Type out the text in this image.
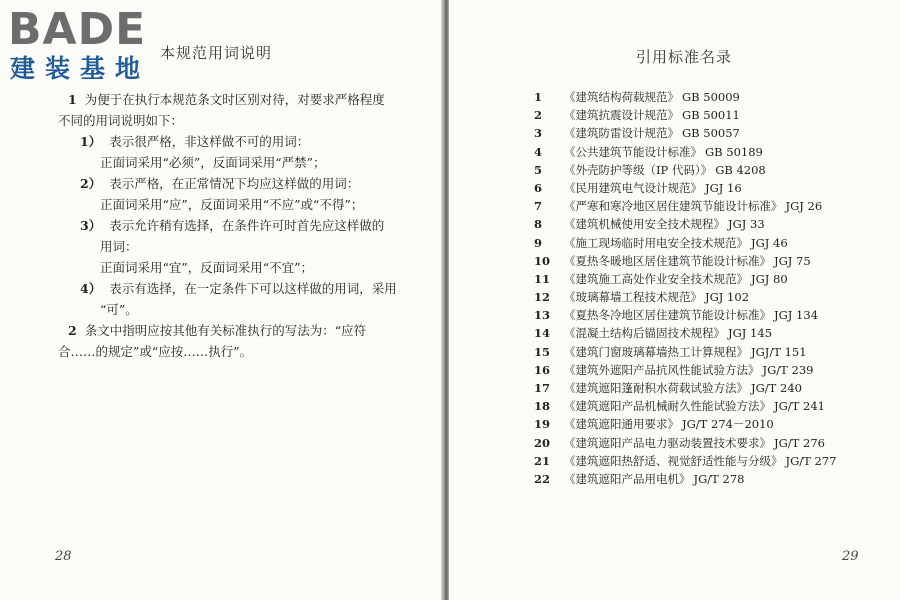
BADE
建装基地
本规范用词说明
1 为便于在执行本规范条文时区别对待，对要求严格程度
不同的用词说明如下：
1） 表示很严格，非这样做不可的用词：
正面词采用“必须”，反面词采用“严禁”；
2） 表示严格，在正常情况下均应这样做的用词：
正面词采用“应”，反面词采用“不应”或“不得”；
3） 表示允许稍有选择，在条件许可时首先应这样做的
用词：
正面词采用“宜”，反面词采用“不宜”；
4） 表示有选择，在一定条件下可以这样做的用词，采用
“可”。
2 条文中指明应按其他有关标准执行的写法为：“应符
合……的规定”或“应按……执行”。
28
引用标准名录
1 《建筑结构荷载规范》 GB 50009
2 《建筑抗震设计规范》 GB 50011
3 《建筑防雷设计规范》 GB 50057
4 《公共建筑节能设计标准》 GB 50189
5 《外壳防护等级（IP 代码）》 GB 4208
6 《民用建筑电气设计规范》 JGJ 16
7 《严寒和寒冷地区居住建筑节能设计标准》 JGJ 26
8 《建筑机械使用安全技术规程》 JGJ 33
9 《施工现场临时用电安全技术规范》 JGJ 46
10 《夏热冬暖地区居住建筑节能设计标准》 JGJ 75
11 《建筑施工高处作业安全技术规范》 JGJ 80
12 《玻璃幕墙工程技术规范》 JGJ 102
13 《夏热冬冷地区居住建筑节能设计标准》 JGJ 134
14 《混凝土结构后锚固技术规程》 JGJ 145
15 《建筑门窗玻璃幕墙热工计算规程》 JGJ/T 151
16 《建筑外遮阳产品抗风性能试验方法》 JG/T 239
17 《建筑遮阳篷耐积水荷载试验方法》 JG/T 240
18 《建筑遮阳产品机械耐久性能试验方法》 JG/T 241
19 《建筑遮阳通用要求》 JG/T 274－2010
20 《建筑遮阳产品电力驱动装置技术要求》 JG/T 276
21 《建筑遮阳热舒适、视觉舒适性能与分级》 JG/T 277
22 《建筑遮阳产品用电机》 JG/T 278
29
